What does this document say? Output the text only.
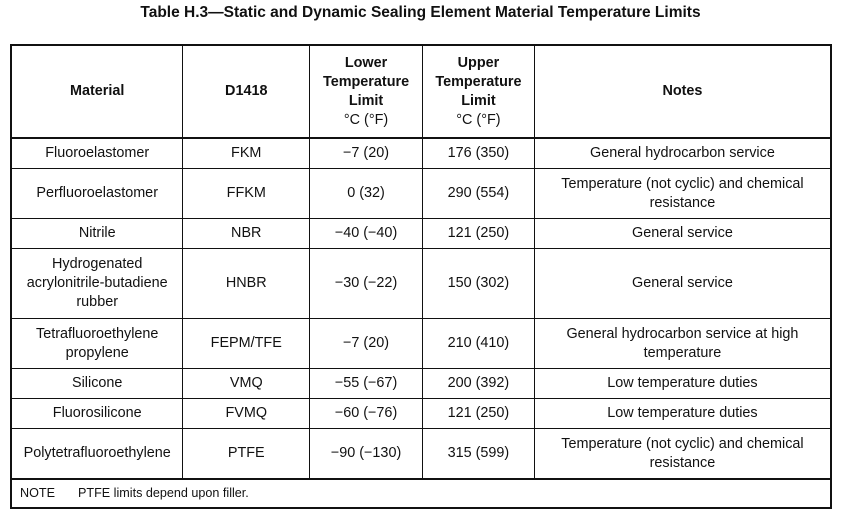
Table H.3—Static and Dynamic Sealing Element Material Temperature Limits
Material	D1418	Lower
Temperature
Limit
°C (°F)	Upper
Temperature
Limit
°C (°F)	Notes
Fluoroelastomer	FKM	−7 (20)	176 (350)	General hydrocarbon service
Perfluoroelastomer	FFKM	0 (32)	290 (554)	Temperature (not cyclic) and chemical resistance
Nitrile	NBR	−40 (−40)	121 (250)	General service
Hydrogenated acrylonitrile-butadiene rubber	HNBR	−30 (−22)	150 (302)	General service
Tetrafluoroethylene propylene	FEPM/TFE	−7 (20)	210 (410)	General hydrocarbon service at high temperature
Silicone	VMQ	−55 (−67)	200 (392)	Low temperature duties
Fluorosilicone	FVMQ	−60 (−76)	121 (250)	Low temperature duties
Polytetrafluoroethylene	PTFE	−90 (−130)	315 (599)	Temperature (not cyclic) and chemical resistance
NOTE PTFE limits depend upon filler.				
